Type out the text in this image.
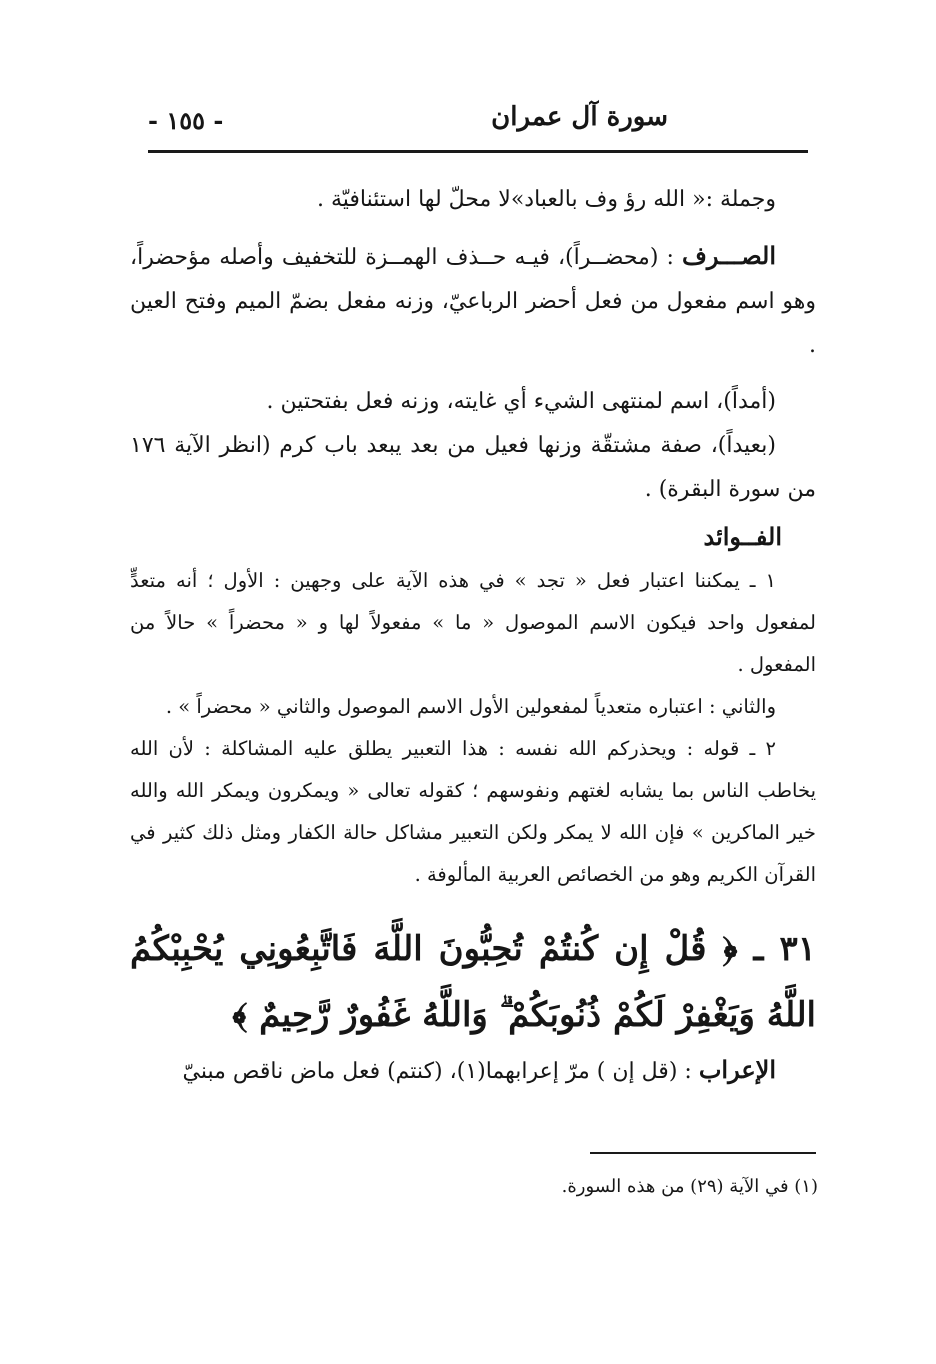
سورة آل عمران
- ١٥٥ -

وجملة :« الله رؤ وف بالعباد»لا محلّ لها استئنافيّة .

الصـــرف : (محضــراً)، فيـه حــذف الهمــزة للتخفيف وأصله مؤحضراً، وهو اسم مفعول من فعل أحضر الرباعيّ، وزنه مفعل بضمّ الميم وفتح العين .

(أمداً)، اسم لمنتهى الشيء أي غايته، وزنه فعل بفتحتين .

(بعيداً)، صفة مشتقّة وزنها فعيل من بعد يبعد باب كرم (انظر الآية ١٧٦ من سورة البقرة) .

الفــوائد

١ ـ يمكننا اعتبار فعل « تجد » في هذه الآية على وجهين : الأول ؛ أنه متعدٍّ لمفعول واحد فيكون الاسم الموصول « ما » مفعولاً لها و « محضراً » حالاً من المفعول .

والثاني : اعتباره متعدياً لمفعولين الأول الاسم الموصول والثاني « محضراً » .

٢ ـ قوله : ويحذركم الله نفسه : هذا التعبير يطلق عليه المشاكلة : لأن الله يخاطب الناس بما يشابه لغتهم ونفوسهم ؛ كقوله تعالى « ويمكرون ويمكر الله والله خير الماكرين » فإن الله لا يمكر ولكن التعبير مشاكل حالة الكفار ومثل ذلك كثير في القرآن الكريم وهو من الخصائص العربية المألوفة .

٣١ ـ ﴿ قُلْ إِن كُنتُمْ تُحِبُّونَ اللَّهَ فَاتَّبِعُونِي يُحْبِبْكُمُ اللَّهُ وَيَغْفِرْ لَكُمْ ذُنُوبَكُمْ ۗ وَاللَّهُ غَفُورٌ رَّحِيمٌ ﴾

الإعراب : (قل إن ) مرّ إعرابهما(١)، (كنتم) فعل ماض ناقص مبنيّ

(١) في الآية (٢٩) من هذه السورة.
